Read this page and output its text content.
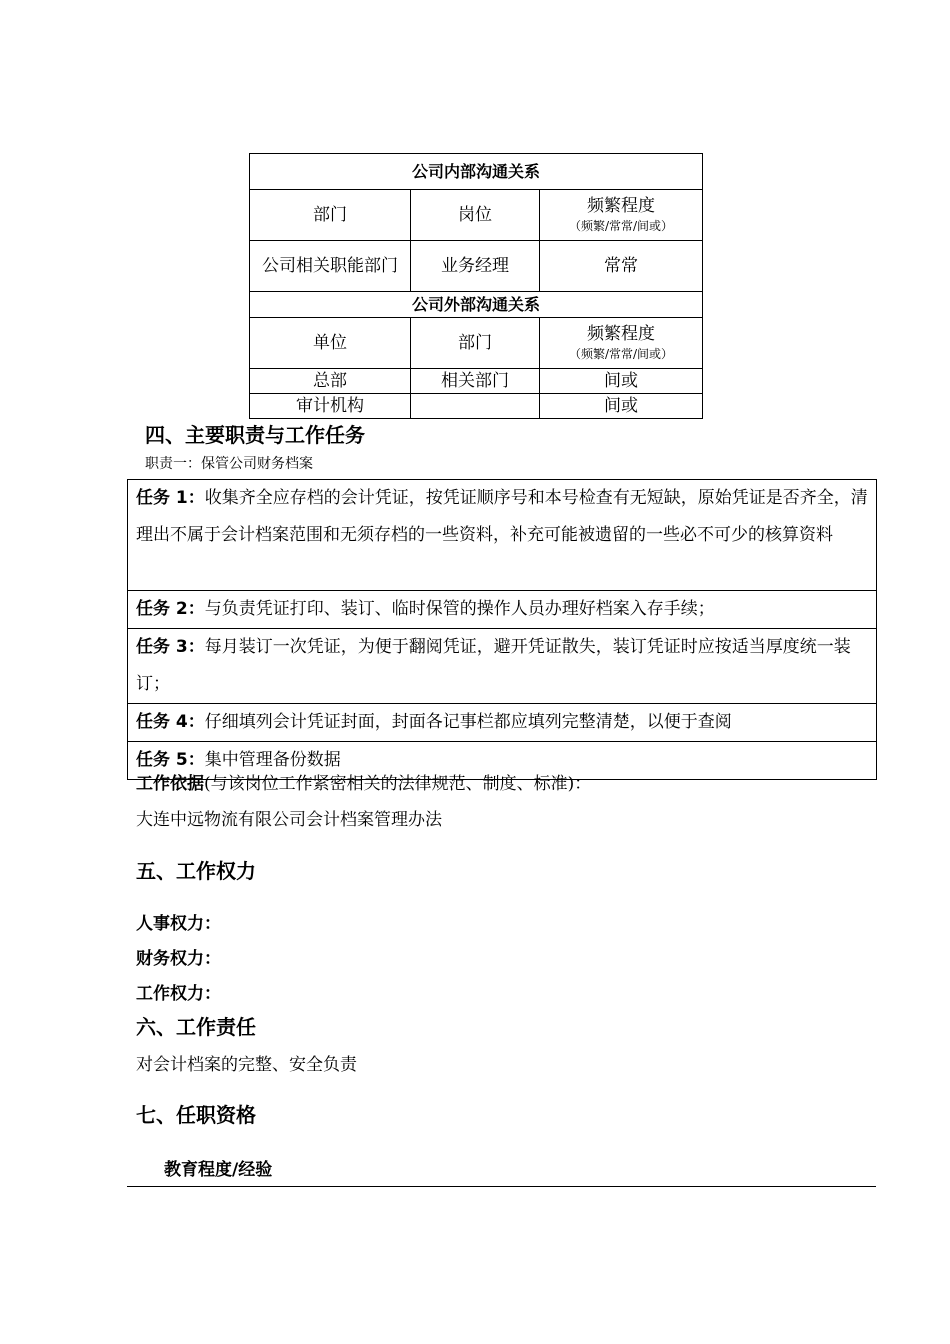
公司内部沟通关系		
部门	岗位	频繁程度
（频繁/常常/间或）

公司相关职能部门	业务经理	常常
公司外部沟通关系		
单位	部门	频繁程度
（频繁/常常/间或）

总部	相关部门	间或
审计机构		间或
四、主要职责与工作任务
职责一：保管公司财务档案
任务 1：收集齐全应存档的会计凭证，按凭证顺序号和本号检查有无短缺，原始凭证是否齐全，清理出不属于会计档案范围和无须存档的一些资料，补充可能被遗留的一些必不可少的核算资料
任务 2：与负责凭证打印、装订、临时保管的操作人员办理好档案入存手续；
任务 3：每月装订一次凭证，为便于翻阅凭证，避开凭证散失，装订凭证时应按适当厚度统一装订；
任务 4：仔细填列会计凭证封面，封面各记事栏都应填列完整清楚，以便于查阅
任务 5：集中管理备份数据
工作依据(与该岗位工作紧密相关的法律规范、制度、标准)：
大连中远物流有限公司会计档案管理办法
五、工作权力
人事权力：
财务权力：
工作权力：
六、工作责任
对会计档案的完整、安全负责
七、任职资格
教育程度/经验
